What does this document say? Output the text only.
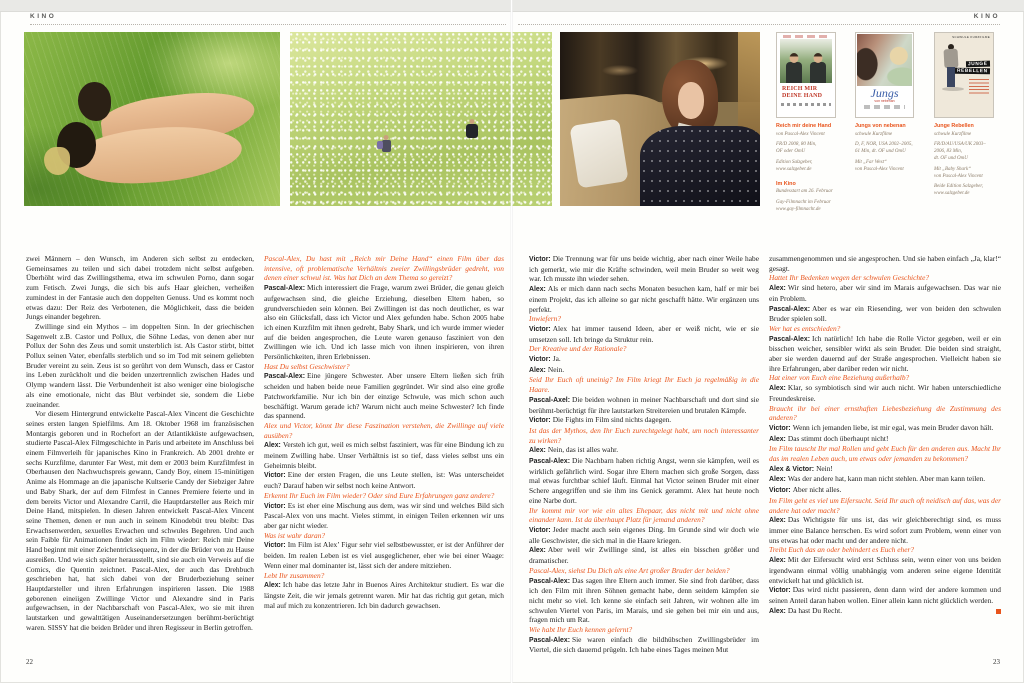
KINO	KINO
REICH MIR
DEINE HAND	Jungs
von nebenan
SCHWULE KURZFILME
JUNGE
REBELLEN
Reich mir deine Hand
von Pascal-Alex Vincent
FR/D 2008, 80 Min,
OF oder OmU
Edition Salzgeber,
www.salzgeber.de
Im Kino
Bundesstart am 26. Februar
Gay-Filmnacht im Februar
www.gay-filmnacht.de
Jungs von nebenan
schwule Kurzfilme
D, F, NOR, USA 2002–2005,
61 Min, dt. OF und OmU
Mit „Far West“
von Pascal-Alex Vincent
Junge Rebellen
schwule Kurzfilme
FR/D/AU/USA/UK 2003–
2006, 83 Min,
dt. OF und OmU
Mit „Baby Shark“
von Pascal-Alex Vincent
Beide Edition Salzgeber,
www.salzgeber.de

zwei Männern – den Wunsch, im Anderen sich selbst zu entdecken, Gemeinsames zu teilen und sich dabei trotzdem nicht selbst aufgeben. Überhöht wird das Zwillingsthema, etwa im schwulen Porno, dann sogar zum Fetisch. Zwei Jungs, die sich bis aufs Haar gleichen, verheißen zumindest in der Fantasie auch den doppelten Genuss. Und es kommt noch etwas dazu: Der Reiz des Verbotenen, die Möglichkeit, dass die beiden Jungs einander begehren.

Zwillinge sind ein Mythos – im doppelten Sinn. In der griechischen Sagenwelt z.B. Castor und Pollux, die Söhne Ledas, von denen aber nur Pollux der Sohn des Zeus und somit unsterblich ist. Als Castor stirbt, bittet Pollux seinen Vater, ebenfalls sterblich und so im Tod mit seinem geliebten Bruder vereint zu sein. Zeus ist so gerührt von dem Wunsch, dass er Castor ins Leben zurückholt und die beiden unzertrennlich zwischen Hades und Olymp wandern lässt. Die Verbundenheit ist also weniger eine biologische als eine emotionale, nicht das Blut verbindet sie, sondern die Liebe zueinander.

Vor diesem Hintergrund entwickelte Pascal-Alex Vincent die Geschichte seines ersten langen Spielfilms. Am 18. Oktober 1968 im französischen Montargis geboren und in Rochefort an der Atlantikküste aufgewachsen, studierte Pascal-Alex Filmgeschichte in Paris und arbeitete im Anschluss bei einem Filmverleih für japanisches Kino in Frankreich. Ab 2001 drehte er sechs Kurzfilme, darunter Far West, mit dem er 2003 beim Kurzfilmfest in Oberhausen den Nachwuchspreis gewann, Candy Boy, einem 15-minütigen Anime als Hommage an die japanische Kultserie Candy der Siebziger Jahre und Baby Shark, der auf dem Filmfest in Cannes Premiere feierte und in dem bereits Victor und Alexandre Carril, die Hauptdarsteller aus Reich mir Deine Hand, mitspielen. In diesen Jahren entwickelt Pascal-Alex Vincent seine Themen, denen er nun auch in seinem Kinodebüt treu bleibt: Das Erwachsenwerden, sexuelles Erwachen und schwules Begehren. Und auch sein Faible für Animationen findet sich im Film wieder: Reich mir Deine Hand beginnt mit einer Zeichentricksequenz, in der die Brüder von zu Hause ausreißen. Und wie sich später herausstellt, sind sie auch ein Verweis auf die Comics, die Quentin zeichnet. Pascal-Alex, der auch das Drehbuch geschrieben hat, hat sich dabei von der Bruderbeziehung seiner Hauptdarsteller und ihren Erfahrungen inspirieren lassen. Die 1988 geborenen eineiigen Zwillinge Victor und Alexandre sind in Paris aufgewachsen, in der Nachbarschaft von Pascal-Alex, wo sie mit ihren lautstarken und gewalttätigen Auseinandersetzungen berühmt-berüchtigt waren. SISSY hat die beiden Brüder und ihren Regisseur in Berlin getroffen.

Pascal-Alex, Du hast mit „Reich mir Deine Hand“ einen Film über das intensive, oft problematische Verhältnis zweier Zwillingsbrüder gedreht, von denen einer schwul ist. Was hat Dich an dem Thema so gereizt?

Pascal-Alex: Mich interessiert die Frage, warum zwei Brüder, die genau gleich aufgewachsen sind, die gleiche Erziehung, dieselben Eltern haben, so grundverschieden sein können. Bei Zwillingen ist das noch deutlicher, es war also ein Glücksfall, dass ich Victor und Alex gefunden habe. Schon 2005 habe ich einen Kurzfilm mit ihnen gedreht, Baby Shark, und ich wurde immer wieder auf die beiden angesprochen, die Leute waren genauso fasziniert von den Zwillingen wie ich. Und ich lasse mich von ihnen inspirieren, von ihren Persönlichkeiten, ihren Erlebnissen.

Hast Du selbst Geschwister?

Pascal-Alex: Eine jüngere Schwester. Aber unsere Eltern ließen sich früh scheiden und haben beide neue Familien gegründet. Wir sind also eine große Patchworkfamilie. Nur ich bin der einzige Schwule, was mich schon auch beschäftigt. Warum gerade ich? Warum nicht auch meine Schwester? Ich finde das spannend.

Alex und Victor, könnt Ihr diese Faszination verstehen, die Zwillinge auf viele ausüben?

Alex: Versteh ich gut, weil es mich selbst fasziniert, was für eine Bindung ich zu meinem Zwilling habe. Unser Verhältnis ist so tief, dass vieles selbst uns ein Geheimnis bleibt.

Victor: Eine der ersten Fragen, die uns Leute stellen, ist: Was unterscheidet euch? Darauf haben wir selbst noch keine Antwort.

Erkennt Ihr Euch im Film wieder? Oder sind Eure Erfahrungen ganz andere?

Victor: Es ist eher eine Mischung aus dem, was wir sind und welches Bild sich Pascal-Alex von uns macht. Vieles stimmt, in einigen Teilen erkennen wir uns aber gar nicht wieder.

Was ist wahr daran?

Victor: Im Film ist Alex’ Figur sehr viel selbstbewusster, er ist der Anführer der beiden. Im realen Leben ist es viel ausgeglichener, eher wie bei einer Waage: Wenn einer mal dominanter ist, lässt sich der andere mitziehen.

Lebt Ihr zusammen?

Alex: Ich habe das letzte Jahr in Buenos Aires Architektur studiert. Es war die längste Zeit, die wir jemals getrennt waren. Mir hat das richtig gut getan, mich mal auf mich zu konzentrieren. Ich bin dadurch gewachsen.

Victor: Die Trennung war für uns beide wichtig, aber nach einer Weile habe ich gemerkt, wie mir die Kräfte schwinden, weil mein Bruder so weit weg war. Ich musste ihn wieder sehen.

Alex: Als er mich dann nach sechs Monaten besuchen kam, half er mir bei einem Projekt, das ich alleine so gar nicht geschafft hätte. Wir ergänzen uns perfekt.

Inwiefern?

Victor: Alex hat immer tausend Ideen, aber er weiß nicht, wie er sie umsetzen soll. Ich bringe da Struktur rein.

Der Kreative und der Rationale?

Victor: Ja.

Alex: Nein.

Seid Ihr Euch oft uneinig? Im Film kriegt Ihr Euch ja regelmäßig in die Haare.

Pascal-Axel: Die beiden wohnen in meiner Nachbarschaft und dort sind sie berühmt-berüchtigt für ihre lautstarken Streitereien und brutalen Kämpfe.

Victor: Die Fights im Film sind nichts dagegen.

Ist das der Mythos, den Ihr Euch zurechtgelegt habt, um noch interessanter zu wirken?

Alex: Nein, das ist alles wahr.

Pascal-Alex: Die Nachbarn haben richtig Angst, wenn sie kämpfen, weil es wirklich gefährlich wird. Sogar ihre Eltern machen sich große Sorgen, dass mal etwas furchtbar schief läuft. Einmal hat Victor seinen Bruder mit einer Schere angegriffen und sie ihm ins Genick gerammt. Alex hat heute noch eine Narbe dort.

Ihr kommt mir vor wie ein altes Ehepaar, das nicht mit und nicht ohne einander kann. Ist da überhaupt Platz für jemand anderen?

Victor: Jeder macht auch sein eigenes Ding. Im Grunde sind wir doch wie alle Geschwister, die sich mal in die Haare kriegen.

Alex: Aber weil wir Zwillinge sind, ist alles ein bisschen größer und dramatischer.

Pascal-Alex, siehst Du Dich als eine Art großer Bruder der beiden?

Pascal-Alex: Das sagen ihre Eltern auch immer. Sie sind froh darüber, dass ich den Film mit ihren Söhnen gemacht habe, denn seitdem kämpfen sie nicht mehr so viel. Ich kenne sie einfach seit Jahren, wir wohnen alle im schwulen Viertel von Paris, im Marais, und sie gehen bei mir ein und aus, fragen mich um Rat.

Wie habt Ihr Euch kennen gelernt?

Pascal-Alex: Sie waren einfach die bildhübschen Zwillingsbrüder im Viertel, die sich dauernd prügeln. Ich habe eines Tages meinen Mut

zusammengenommen und sie angesprochen. Und sie haben einfach „Ja, klar!“ gesagt.

Hattet Ihr Bedenken wegen der schwulen Geschichte?

Alex: Wir sind hetero, aber wir sind im Marais aufgewachsen. Das war nie ein Problem.

Pascal-Alex: Aber es war ein Riesending, wer von beiden den schwulen Bruder spielen soll.

Wer hat es entschieden?

Pascal-Alex: Ich natürlich! Ich habe die Rolle Victor gegeben, weil er ein bisschen weicher, sensibler wirkt als sein Bruder. Die beiden sind straight, aber sie werden dauernd auf der Straße angesprochen. Vielleicht haben sie ihre Erfahrungen, aber darüber reden wir nicht.

Hat einer von Euch eine Beziehung außerhalb?

Alex: Klar, so symbiotisch sind wir auch nicht. Wir haben unterschiedliche Freundeskreise.

Braucht ihr bei einer ernsthaften Liebesbeziehung die Zustimmung des anderen?

Victor: Wenn ich jemanden liebe, ist mir egal, was mein Bruder davon hält.

Alex: Das stimmt doch überhaupt nicht!

Im Film tauscht Ihr mal Rollen und gebt Euch für den anderen aus. Macht Ihr das im realen Leben auch, um etwas oder jemanden zu bekommen?

Alex & Victor: Nein!

Alex: Was der andere hat, kann man nicht stehlen. Aber man kann teilen.

Victor: Aber nicht alles.

Im Film geht es viel um Eifersucht. Seid Ihr auch oft neidisch auf das, was der andere hat oder macht?

Alex: Das Wichtigste für uns ist, das wir gleichberechtigt sind, es muss immer eine Balance herrschen. Es wird sofort zum Problem, wenn einer von uns etwas hat oder macht und der andere nicht.

Treibt Euch das an oder behindert es Euch eher?

Alex: Mit der Eifersucht wird erst Schluss sein, wenn einer von uns beiden irgendwann einmal völlig unabhängig vom anderen seine eigene Identität entwickelt hat und glücklich ist.

Victor: Das wird nicht passieren, denn dann wird der andere kommen und seinen Anteil daran haben wollen. Einer allein kann nicht glücklich werden.

Alex: Da hast Du Recht.

22	23
